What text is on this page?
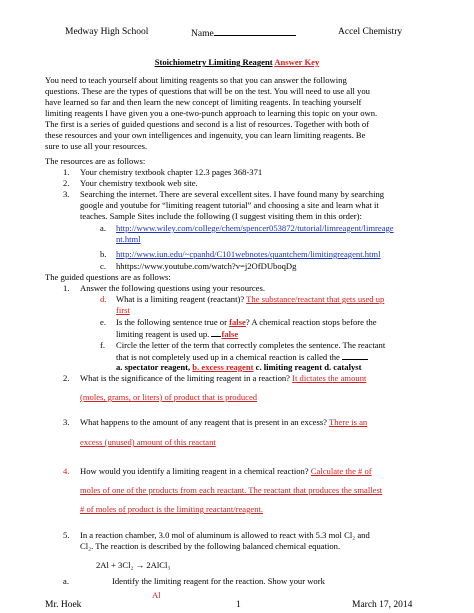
Medway High School	Name	Accel Chemistry
Stoichiometry Limiting Reagent Answer Key
You need to teach yourself about limiting reagents so that you can answer the following
questions. These are the types of questions that will be on the test. You will need to use all you
have learned so far and then learn the new concept of limiting reagents. In teaching yourself
limiting reagents I have given you a one-two-punch approach to learning this topic on your own.
The first is a series of guided questions and second is a list of resources. Together with both of
these resources and your own intelligences and ingenuity, you can learn limiting reagents. Be
sure to use all your resources.
The resources are as follows:
1. Your chemistry textbook chapter 12.3 pages 368-371
2. Your chemistry textbook web site.
3. Searching the internet. There are several excellent sites. I have found many by searching
google and youtube for “limiting reagent tutorial” and choosing a site and learn what it
teaches. Sample Sites include the following (I suggest visiting them in this order):
a. http://www.wiley.com/college/chem/spencer053872/tutorial/limreagent/limreage
nt.html
b. http://www.iun.edu/~cpanhd/C101webnotes/quantchem/limitingreagent.html
c. hhttps://www.youtube.com/watch?v=j2OfDUboqDg
The guided questions are as follows:
1. Answer the following questions using your resources.
d. What is a limiting reagent (reactant)? The substance/reactant that gets used up
first
e. Is the following sentence true or false? A chemical reaction stops before the
limiting reagent is used up. false
f. Circle the letter of the term that correctly completes the sentence. The reactant
that is not completely used up in a chemical reaction is called the
a. spectator reagent, b. excess reagent c. limiting reagent d. catalyst
2. What is the significance of the limiting reagent in a reaction? It dictates the amount
(moles, grams, or liters) of product that is produced
3. What happens to the amount of any reagent that is present in an excess? There is an
excess (unused) amount of this reactant
4. How would you identify a limiting reagent in a chemical reaction? Calculate the # of
moles of one of the products from each reactant. The reactant that produces the smallest
# of moles of product is the limiting reactant/reagent.
5. In a reaction chamber, 3.0 mol of aluminum is allowed to react with 5.3 mol Cl₂ and
Cl₂. The reaction is described by the following balanced chemical equation.
2Al + 3Cl₂ → 2AlCl₃
a.	Identify the limiting reagent for the reaction. Show your work
Al
Mr. Hoek	1	March 17, 2014
